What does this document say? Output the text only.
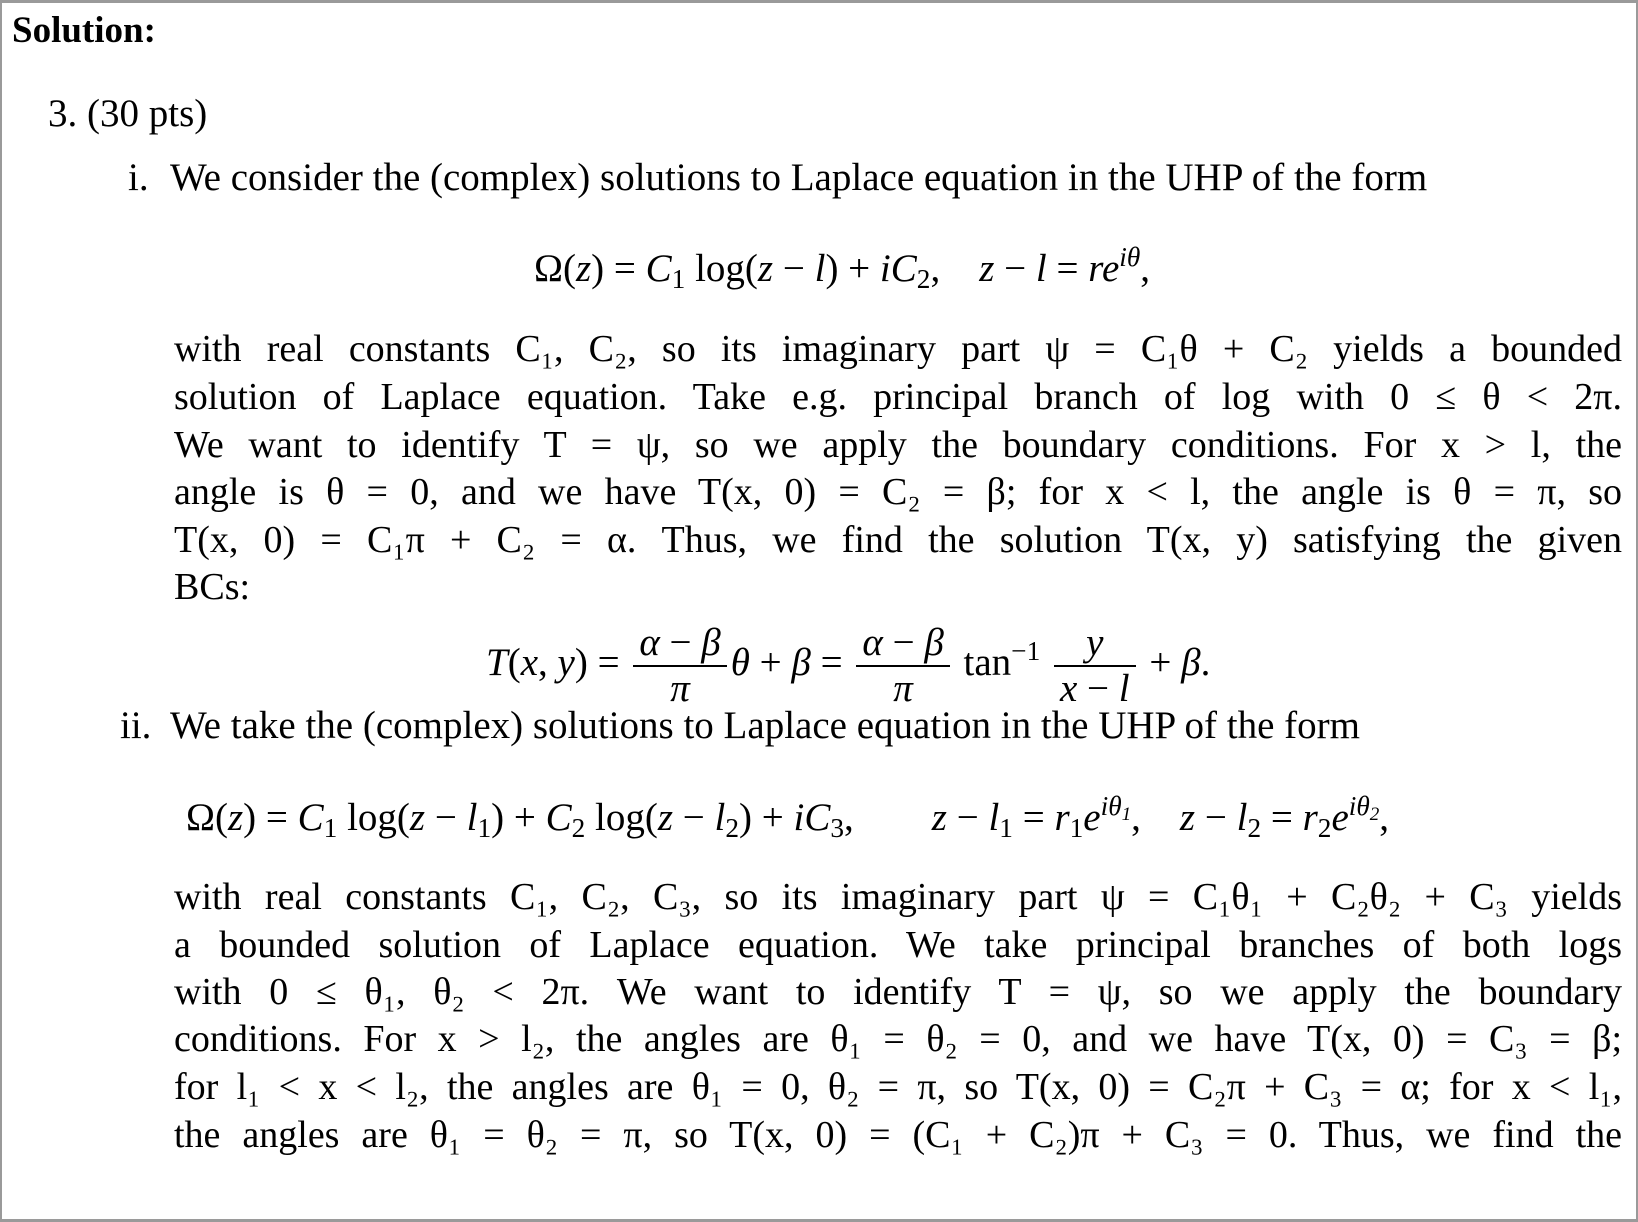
Solution:
3. (30 pts)
i. We consider the (complex) solutions to Laplace equation in the UHP of the form
$\Omega(z) = C_1$ $\log(z - l) + iC_2$,    $z - l = re^{i\theta}$,
with real constants C₁, C₂, so its imaginary part ψ = C₁θ + C₂ yields a bounded
solution of Laplace equation. Take e.g. principal branch of log with 0 ≤ θ < 2π.
We want to identify T = ψ, so we apply the boundary conditions. For x > l, the
angle is θ = 0, and we have T(x, 0) = C₂ = β; for x < l, the angle is θ = π, so
T(x, 0) = C₁π + C₂ = α. Thus, we find the solution T(x, y) satisfying the given
BCs:
T(x, $y) = \frac{\alpha - \beta}{\pi}$ $\theta + \beta = \frac{\alpha - \beta}{\pi} \tan^{-1} \frac{y}{x - l} + \beta$.
ii. We take the (complex) solutions to Laplace equation in the UHP of the form
$\Omega(z) = C_1$ $\log(z - l_1) + C_2$ $\log(z - l_2) + iC_3$,        $z - l_1 = r_1e^{i\theta_1}$,    $z - l_2 = r_2e^{i\theta_2}$,
with real constants C₁, C₂, C₃, so its imaginary part ψ = C₁θ₁ + C₂θ₂ + C₃ yields
a bounded solution of Laplace equation. We take principal branches of both logs
with 0 ≤ θ₁, θ₂ < 2π. We want to identify T = ψ, so we apply the boundary
conditions. For x > l₂, the angles are θ₁ = θ₂ = 0, and we have T(x, 0) = C₃ = β;
for l₁ < x < l₂, the angles are θ₁ = 0, θ₂ = π, so T(x, 0) = C₂π + C₃ = α; for x < l₁,
the angles are θ₁ = θ₂ = π, so T(x, 0) = (C₁ + C₂)π + C₃ = 0. Thus, we find the
